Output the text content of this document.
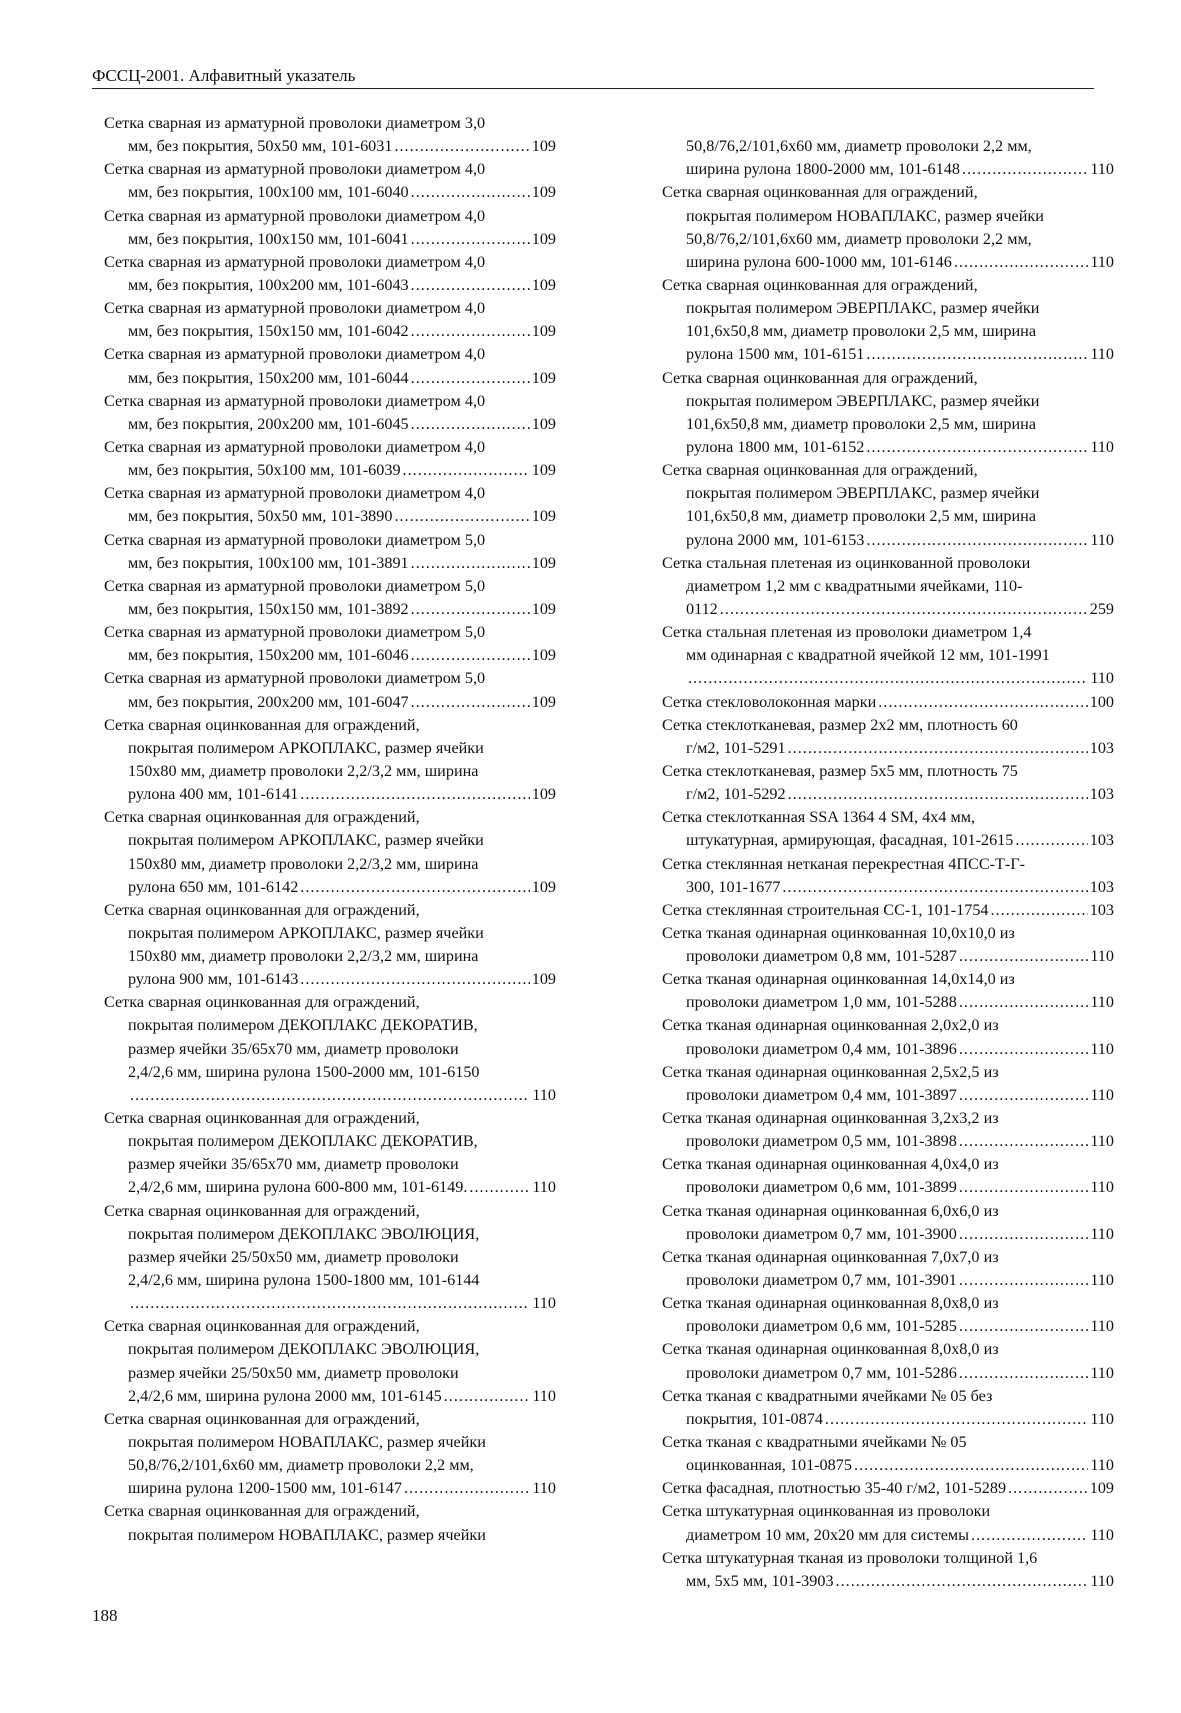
ФССЦ-2001. Алфавитный указатель
Сетка сварная из арматурной проволоки диаметром 3,0
мм, без покрытия, 50x50 мм, 101-6031 .....	109
Сетка сварная из арматурной проволоки диаметром 4,0
мм, без покрытия, 100x100 мм, 101-6040 .....	109
Сетка сварная из арматурной проволоки диаметром 4,0
мм, без покрытия, 100x150 мм, 101-6041 .....	109
Сетка сварная из арматурной проволоки диаметром 4,0
мм, без покрытия, 100x200 мм, 101-6043 .....	109
Сетка сварная из арматурной проволоки диаметром 4,0
мм, без покрытия, 150x150 мм, 101-6042 .....	109
Сетка сварная из арматурной проволоки диаметром 4,0
мм, без покрытия, 150x200 мм, 101-6044 .....	109
Сетка сварная из арматурной проволоки диаметром 4,0
мм, без покрытия, 200x200 мм, 101-6045 .....	109
Сетка сварная из арматурной проволоки диаметром 4,0
мм, без покрытия, 50x100 мм, 101-6039 .....	109
Сетка сварная из арматурной проволоки диаметром 4,0
мм, без покрытия, 50x50 мм, 101-3890 .....	109
Сетка сварная из арматурной проволоки диаметром 5,0
мм, без покрытия, 100x100 мм, 101-3891 .....	109
Сетка сварная из арматурной проволоки диаметром 5,0
мм, без покрытия, 150x150 мм, 101-3892 .....	109
Сетка сварная из арматурной проволоки диаметром 5,0
мм, без покрытия, 150x200 мм, 101-6046 .....	109
Сетка сварная из арматурной проволоки диаметром 5,0
мм, без покрытия, 200x200 мм, 101-6047 .....	109
Сетка сварная оцинкованная для ограждений,
покрытая полимером АРКОПЛАКС, размер ячейки
150x80 мм, диаметр проволоки 2,2/3,2 мм, ширина
рулона 400 мм, 101-6141 .....	109
Сетка сварная оцинкованная для ограждений,
покрытая полимером АРКОПЛАКС, размер ячейки
150x80 мм, диаметр проволоки 2,2/3,2 мм, ширина
рулона 650 мм, 101-6142 .....	109
Сетка сварная оцинкованная для ограждений,
покрытая полимером АРКОПЛАКС, размер ячейки
150x80 мм, диаметр проволоки 2,2/3,2 мм, ширина
рулона 900 мм, 101-6143 .....	109
Сетка сварная оцинкованная для ограждений,
покрытая полимером ДЕКОПЛАКС ДЕКОРАТИВ,
размер ячейки 35/65x70 мм, диаметр проволоки
2,4/2,6 мм, ширина рулона 1500-2000 мм, 101-6150
.....
110
Сетка сварная оцинкованная для ограждений,
покрытая полимером ДЕКОПЛАКС ДЕКОРАТИВ,
размер ячейки 35/65x70 мм, диаметр проволоки
2,4/2,6 мм, ширина рулона 600-800 мм, 101-6149. .....	110
Сетка сварная оцинкованная для ограждений,
покрытая полимером ДЕКОПЛАКС ЭВОЛЮЦИЯ,
размер ячейки 25/50x50 мм, диаметр проволоки
2,4/2,6 мм, ширина рулона 1500-1800 мм, 101-6144
.....
110
Сетка сварная оцинкованная для ограждений,
покрытая полимером ДЕКОПЛАКС ЭВОЛЮЦИЯ,
размер ячейки 25/50x50 мм, диаметр проволоки
2,4/2,6 мм, ширина рулона 2000 мм, 101-6145 .....	110
Сетка сварная оцинкованная для ограждений,
покрытая полимером НОВАПЛАКС, размер ячейки
50,8/76,2/101,6x60 мм, диаметр проволоки 2,2 мм,
ширина рулона 1200-1500 мм, 101-6147 .....	110
Сетка сварная оцинкованная для ограждений,
покрытая полимером НОВАПЛАКС, размер ячейки
50,8/76,2/101,6x60 мм, диаметр проволоки 2,2 мм,
ширина рулона 1800-2000 мм, 101-6148 .....	110
Сетка сварная оцинкованная для ограждений,
покрытая полимером НОВАПЛАКС, размер ячейки
50,8/76,2/101,6x60 мм, диаметр проволоки 2,2 мм,
ширина рулона 600-1000 мм, 101-6146 .....	110
Сетка сварная оцинкованная для ограждений,
покрытая полимером ЭВЕРПЛАКС, размер ячейки
101,6x50,8 мм, диаметр проволоки 2,5 мм, ширина
рулона 1500 мм, 101-6151 .....	110
Сетка сварная оцинкованная для ограждений,
покрытая полимером ЭВЕРПЛАКС, размер ячейки
101,6x50,8 мм, диаметр проволоки 2,5 мм, ширина
рулона 1800 мм, 101-6152 .....	110
Сетка сварная оцинкованная для ограждений,
покрытая полимером ЭВЕРПЛАКС, размер ячейки
101,6x50,8 мм, диаметр проволоки 2,5 мм, ширина
рулона 2000 мм, 101-6153 .....	110
Сетка стальная плетеная из оцинкованной проволоки
диаметром 1,2 мм с квадратными ячейками, 110-
0112 .....	259
Сетка стальная плетеная из проволоки диаметром 1,4
мм одинарная с квадратной ячейкой 12 мм, 101-1991
.....
110
Сетка стекловолоконная марки .....	100
Сетка стеклотканевая, размер 2x2 мм, плотность 60
г/м2, 101-5291 .....	103
Сетка стеклотканевая, размер 5x5 мм, плотность 75
г/м2, 101-5292 .....	103
Сетка стеклотканная SSA 1364 4 SM, 4x4 мм,
штукатурная, армирующая, фасадная, 101-2615 .....	103
Сетка стеклянная нетканая перекрестная 4ПСС-Т-Г-
300, 101-1677 .....	103
Сетка стеклянная строительная СС-1, 101-1754 .....	103
Сетка тканая одинарная оцинкованная 10,0x10,0 из
проволоки диаметром 0,8 мм, 101-5287 .....	110
Сетка тканая одинарная оцинкованная 14,0x14,0 из
проволоки диаметром 1,0 мм, 101-5288 .....	110
Сетка тканая одинарная оцинкованная 2,0x2,0 из
проволоки диаметром 0,4 мм, 101-3896 .....	110
Сетка тканая одинарная оцинкованная 2,5x2,5 из
проволоки диаметром 0,4 мм, 101-3897 .....	110
Сетка тканая одинарная оцинкованная 3,2x3,2 из
проволоки диаметром 0,5 мм, 101-3898 .....	110
Сетка тканая одинарная оцинкованная 4,0x4,0 из
проволоки диаметром 0,6 мм, 101-3899 .....	110
Сетка тканая одинарная оцинкованная 6,0x6,0 из
проволоки диаметром 0,7 мм, 101-3900 .....	110
Сетка тканая одинарная оцинкованная 7,0x7,0 из
проволоки диаметром 0,7 мм, 101-3901 .....	110
Сетка тканая одинарная оцинкованная 8,0x8,0 из
проволоки диаметром 0,6 мм, 101-5285 .....	110
Сетка тканая одинарная оцинкованная 8,0x8,0 из
проволоки диаметром 0,7 мм, 101-5286 .....	110
Сетка тканая с квадратными ячейками № 05 без
покрытия, 101-0874 .....	110
Сетка тканая с квадратными ячейками № 05
оцинкованная, 101-0875 .....	110
Сетка фасадная, плотностью 35-40 г/м2, 101-5289 .....	109
Сетка штукатурная оцинкованная из проволоки
диаметром 10 мм, 20x20 мм для системы .....	110
Сетка штукатурная тканая из проволоки толщиной 1,6
мм, 5x5 мм, 101-3903 .....	110
188
